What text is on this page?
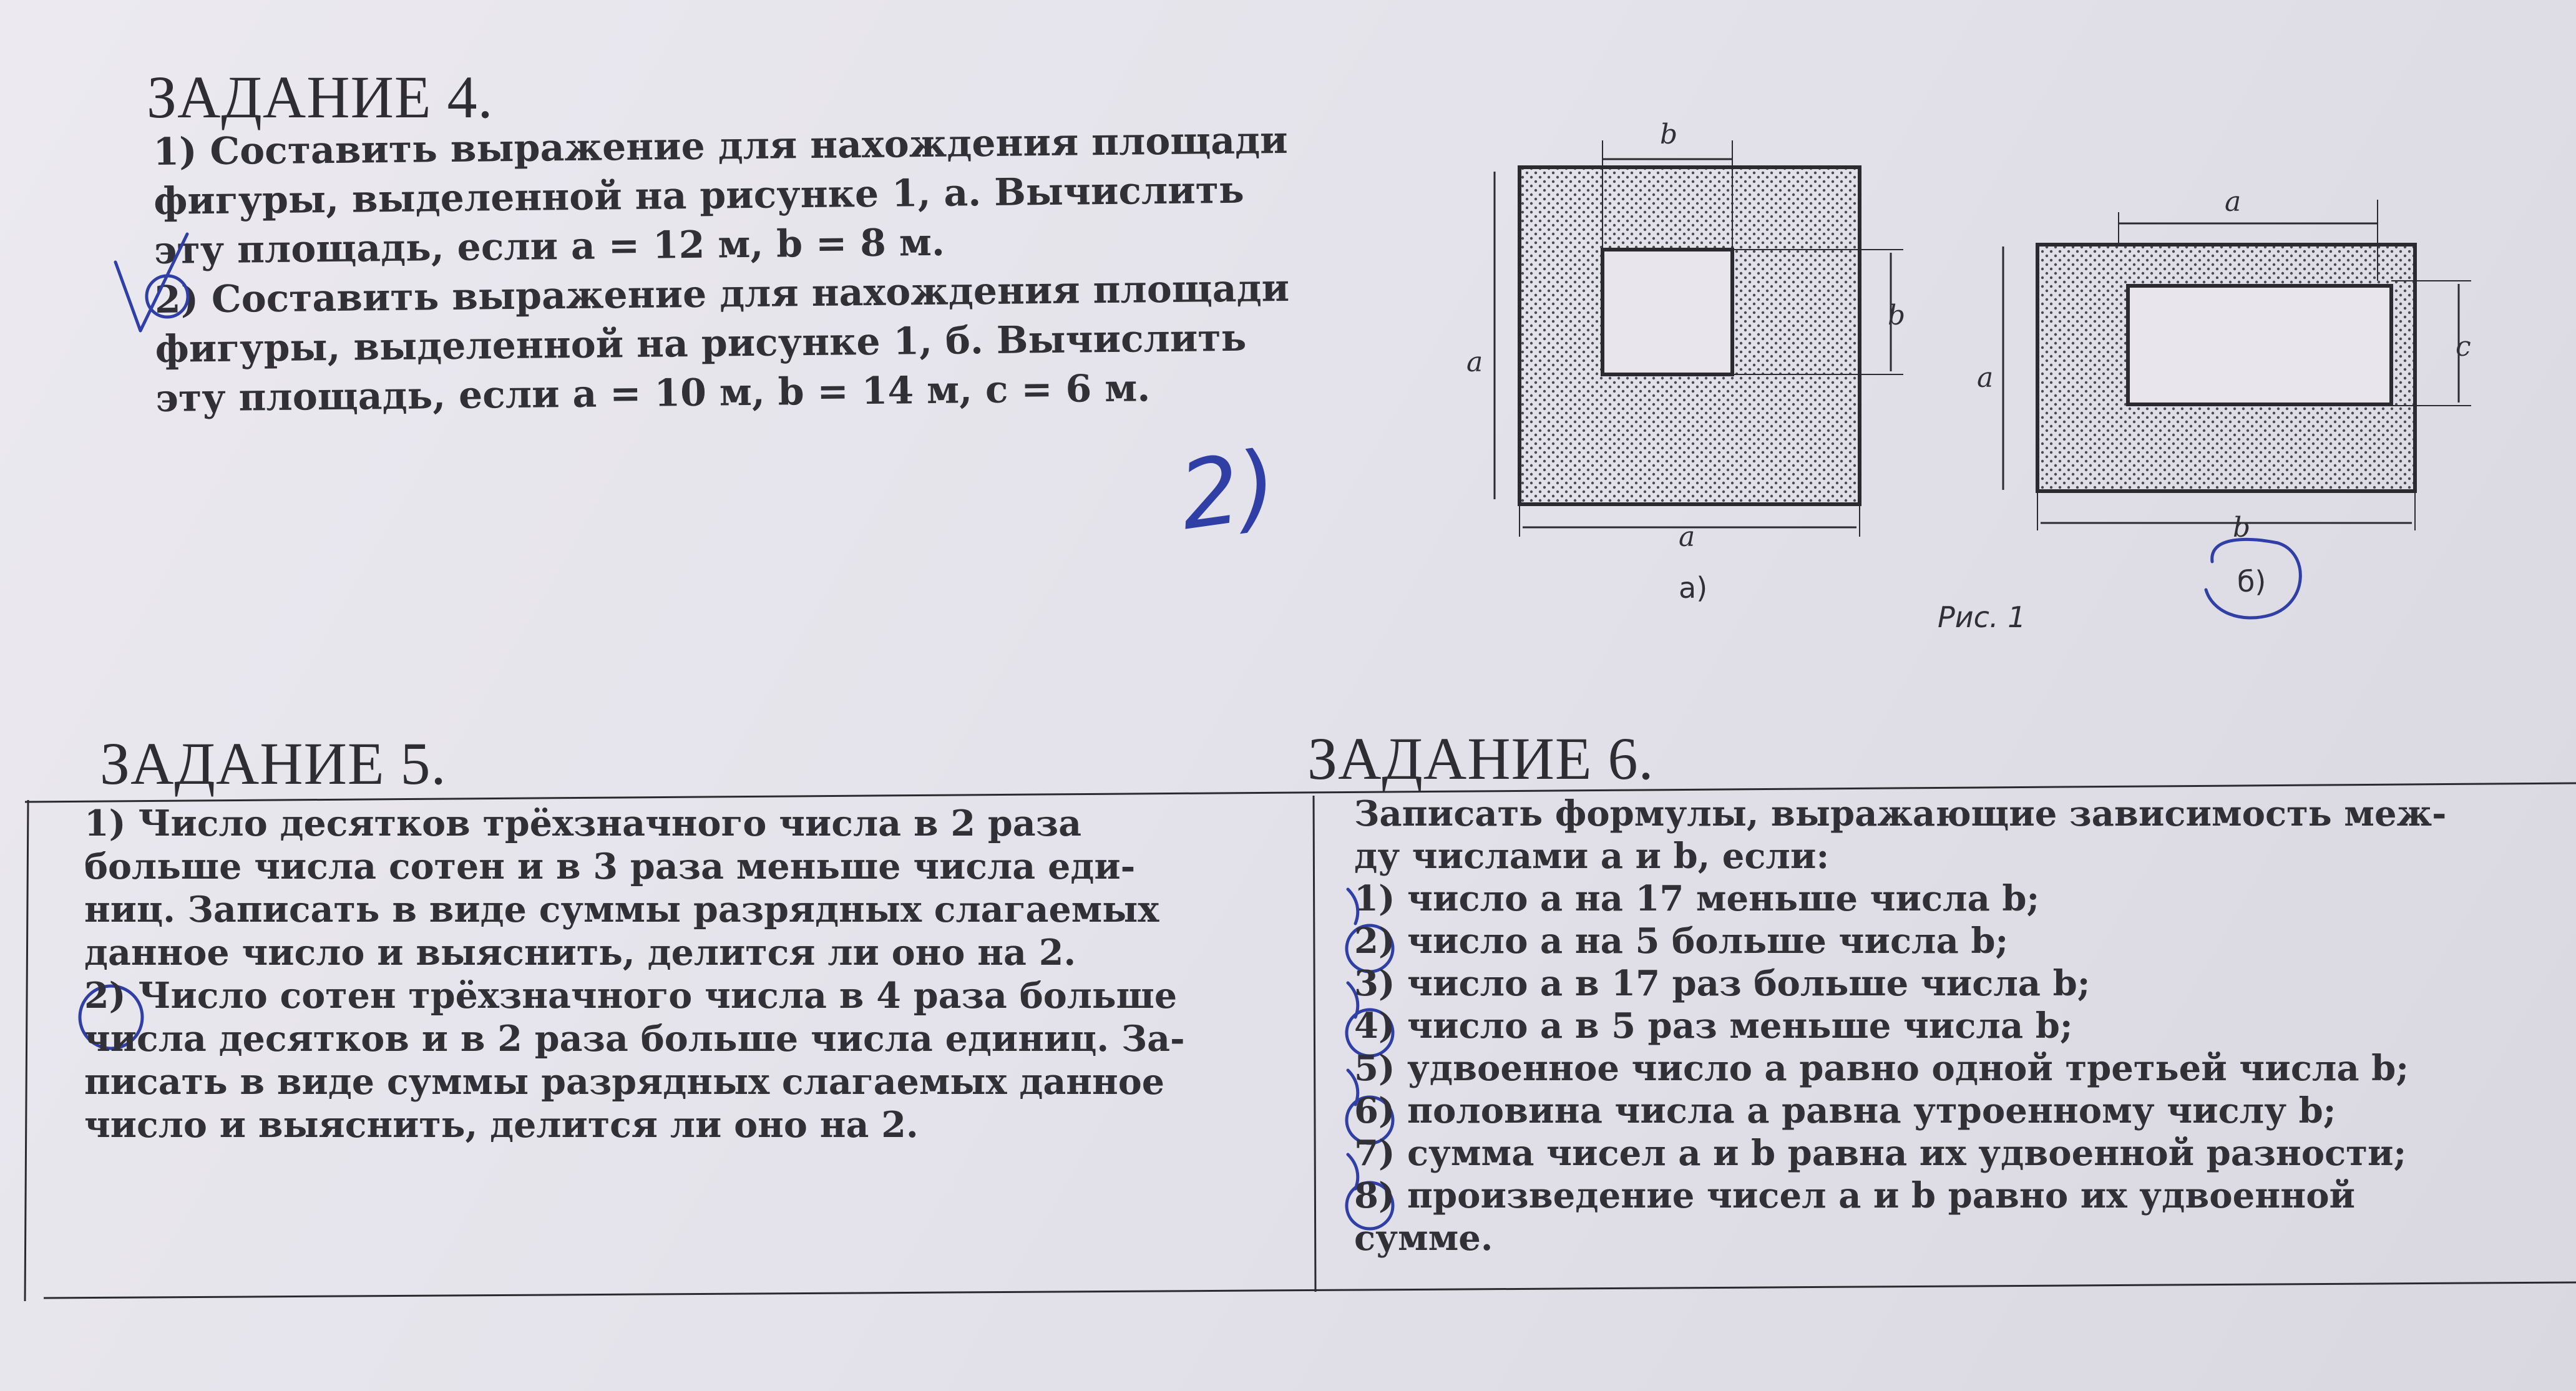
ЗАДАНИЕ 4.
1) Составить выражение для нахождения площади
фигуры, выделенной на рисунке 1, а. Вычислить
эту площадь, если а = 12 м, b = 8 м.
2) Составить выражение для нахождения площади
фигуры, выделенной на рисунке 1, б. Вычислить
эту площадь, если а = 10 м, b = 14 м, c = 6 м.
b
a
b
a
а)
a
a
c
b
б)
Рис. 1
2)
ЗАДАНИЕ 5.
1) Число десятков трёхзначного числа в 2 раза
больше числа сотен и в 3 раза меньше числа еди-
ниц. Записать в виде суммы разрядных слагаемых
данное число и выяснить, делится ли оно на 2.
2) Число сотен трёхзначного числа в 4 раза больше
числа десятков и в 2 раза больше числа единиц. За-
писать в виде суммы разрядных слагаемых данное
число и выяснить, делится ли оно на 2.
ЗАДАНИЕ 6.
Записать формулы, выражающие зависимость меж-
ду числами а и b, если:
1) число а на 17 меньше числа b;
2) число а на 5 больше числа b;
3) число а в 17 раз больше числа b;
4) число а в 5 раз меньше числа b;
5) удвоенное число а равно одной третьей числа b;
6) половина числа а равна утроенному числу b;
7) сумма чисел а и b равна их удвоенной разности;
8) произведение чисел а и b равно их удвоенной
сумме.
